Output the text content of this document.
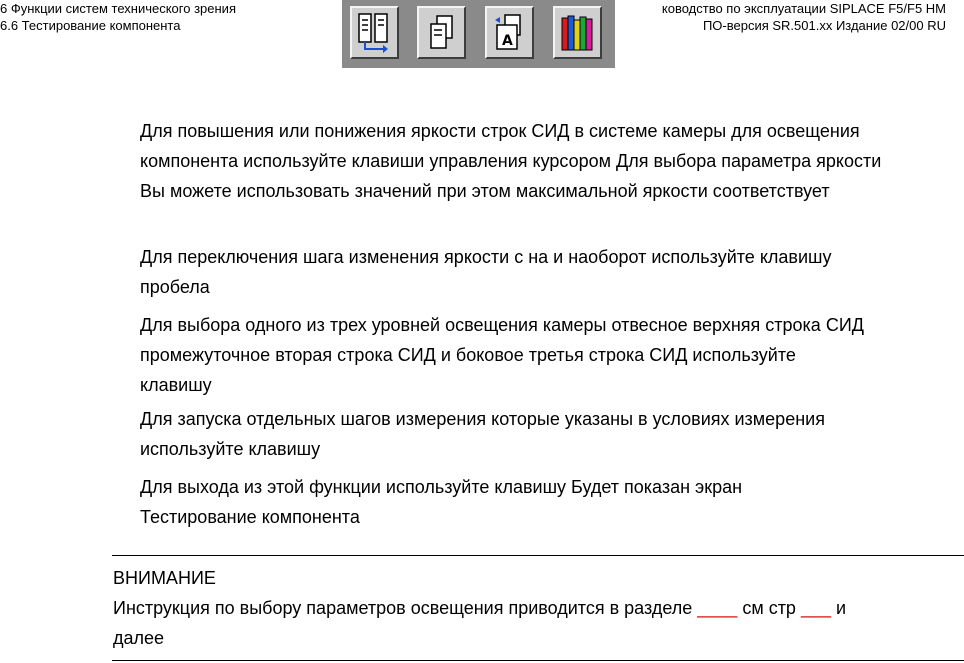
6 Функции систем технического зрения
6.6 Тестирование компонента
ководство по эксплуатации SIPLACE F5/F5 HM
ПО-версия SR.501.xx Издание 02/00 RU
A
Для повышения или понижения яркости строк СИД в системе камеры для освещения
компонента используйте клавиши управления курсором Для выбора параметра яркости
Вы можете использовать значений при этом максимальной яркости соответствует
Для переключения шага изменения яркости с на и наоборот используйте клавишу
пробела
Для выбора одного из трех уровней освещения камеры отвесное верхняя строка СИД
промежуточное вторая строка СИД и боковое третья строка СИД используйте
клавишу
Для запуска отдельных шагов измерения которые указаны в условиях измерения
используйте клавишу
Для выхода из этой функции используйте клавишу Будет показан экран
Тестирование компонента
ВНИМАНИЕ
Инструкция по выбору параметров освещения приводится в разделе ____ см стр ___ и
далее
